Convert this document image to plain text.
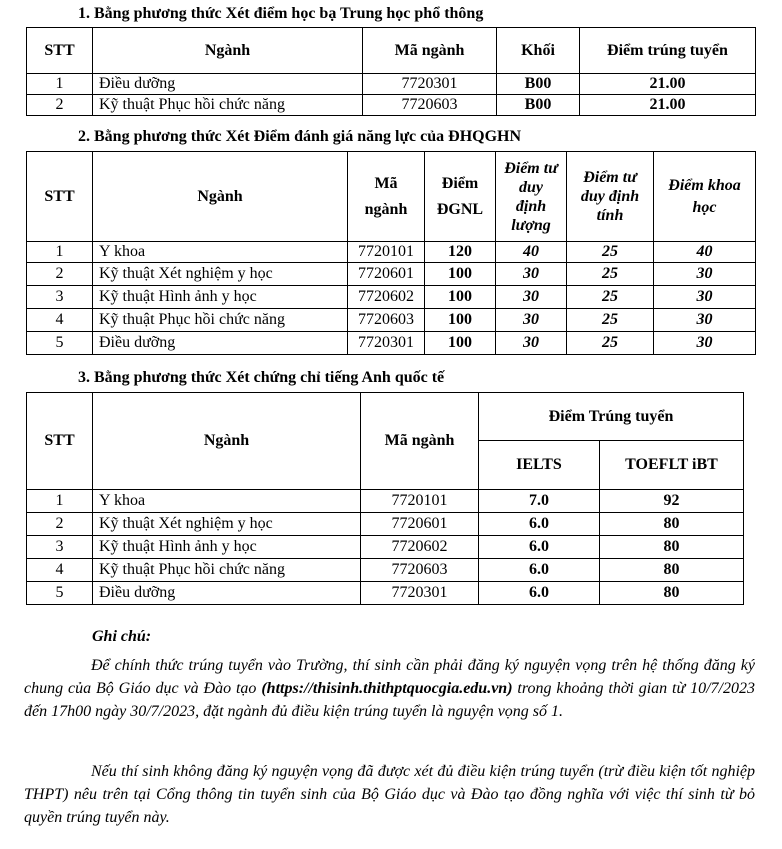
1. Bằng phương thức Xét điểm học bạ Trung học phổ thông
STT	Ngành	Mã ngành	Khối	Điểm trúng tuyển
1	Điều dưỡng	7720301	B00	21.00
2	Kỹ thuật Phục hồi chức năng	7720603	B00	21.00
2. Bằng phương thức Xét Điểm đánh giá năng lực của ĐHQGHN
STT	Ngành	Mã ngành	Điểm ĐGNL	Điểm tư duy định lượng	Điểm tư duy định tính	Điểm khoa học
1	Y khoa	7720101	120	40	25	40
2	Kỹ thuật Xét nghiệm y học	7720601	100	30	25	30
3	Kỹ thuật Hình ảnh y học	7720602	100	30	25	30
4	Kỹ thuật Phục hồi chức năng	7720603	100	30	25	30
5	Điều dưỡng	7720301	100	30	25	30
3. Bằng phương thức Xét chứng chỉ tiếng Anh quốc tế
STT	Ngành	Mã ngành	Điểm Trúng tuyển	
			IELTS	TOEFLT iBT
1	Y khoa	7720101	7.0	92
2	Kỹ thuật Xét nghiệm y học	7720601	6.0	80
3	Kỹ thuật Hình ảnh y học	7720602	6.0	80
4	Kỹ thuật Phục hồi chức năng	7720603	6.0	80
5	Điều dưỡng	7720301	6.0	80
Ghi chú:
Để chính thức trúng tuyển vào Trường, thí sinh cần phải đăng ký nguyện vọng trên hệ thống đăng ký chung của Bộ Giáo dục và Đào tạo (https://thisinh.thithptquocgia.edu.vn) trong khoảng thời gian từ 10/7/2023 đến 17h00 ngày 30/7/2023, đặt ngành đủ điều kiện trúng tuyển là nguyện vọng số 1.
Nếu thí sinh không đăng ký nguyện vọng đã được xét đủ điều kiện trúng tuyển (trừ điều kiện tốt nghiệp THPT) nêu trên tại Cổng thông tin tuyển sinh của Bộ Giáo dục và Đào tạo đồng nghĩa với việc thí sinh từ bỏ quyền trúng tuyển này.
